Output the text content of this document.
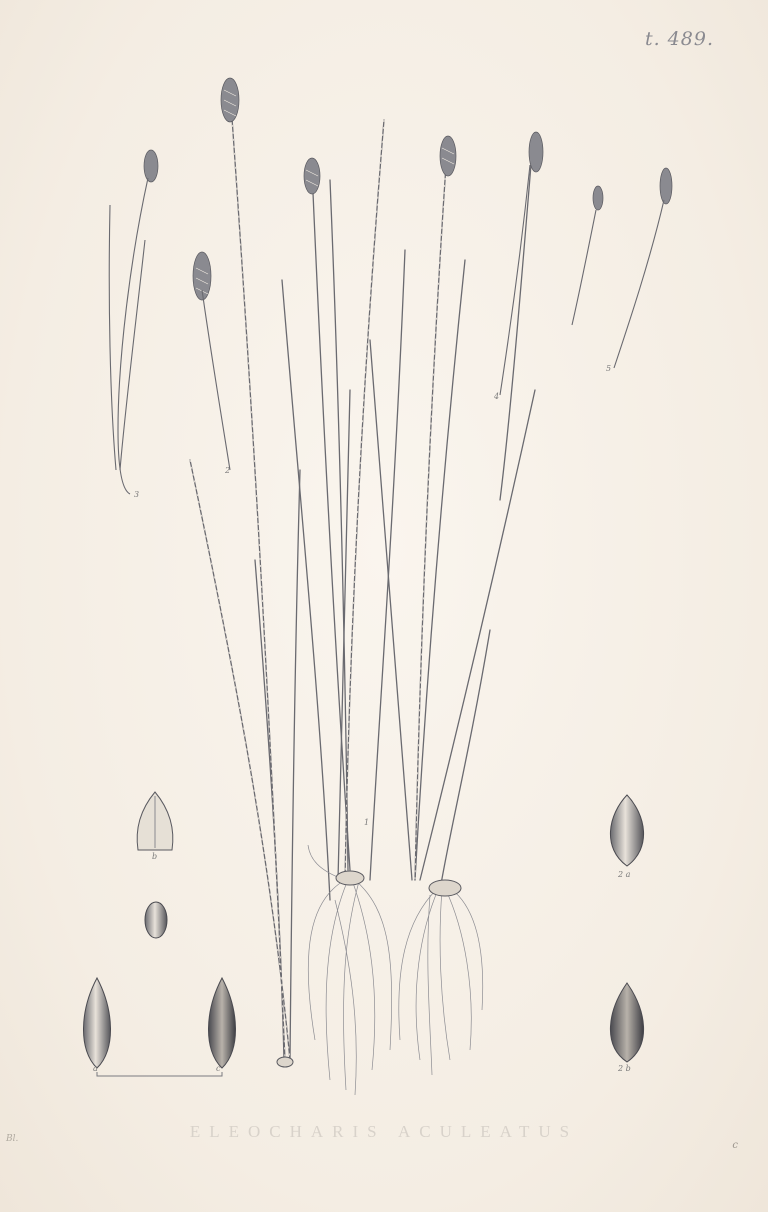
t. 489.
2
3
4
5
1
b
a	c
2 a
2 b
ELEOCHARIS ACULEATUS
Bl.
c
